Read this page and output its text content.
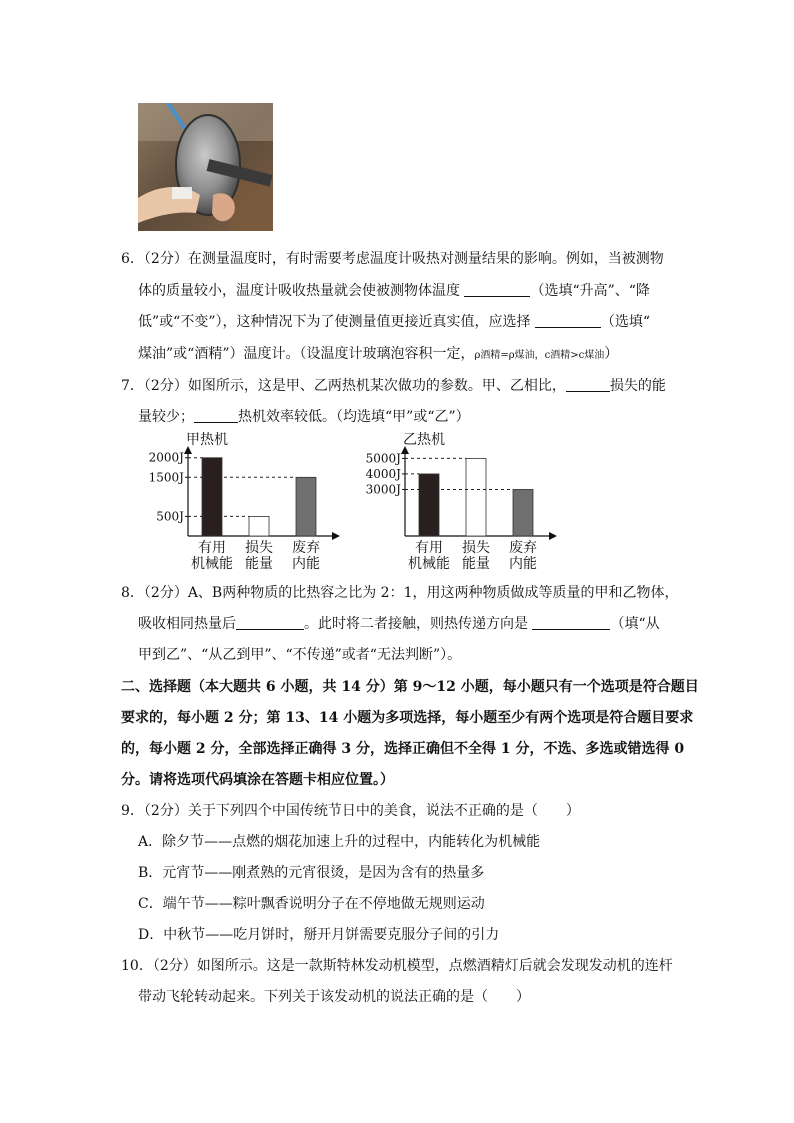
6．（2分）在测量温度时，有时需要考虑温度计吸热对测量结果的影响。例如，当被测物
体的质量较小，温度计吸收热量就会使被测物体温度	（选填“升高”、“降
低”或“不变”），这种情况下为了使测量值更接近真实值，应选择	（选填“
煤油”或“酒精”）温度计。（设温度计玻璃泡容积一定，ρ酒精=ρ煤油，c酒精>c煤油）
7．（2分）如图所示，这是甲、乙两热机某次做功的参数。甲、乙相比，	损失的能
量较少；	热机效率较低。（均选填“甲”或“乙”）
甲热机
有用
机械能
损失
能量
废弃
内能
2000J
1500J
500J
乙热机
有用
机械能
损失
能量
废弃
内能
5000J
4000J
3000J
8．（2分）A、B两种物质的比热容之比为 2：1，用这两种物质做成等质量的甲和乙物体，
吸收相同热量后	。此时将二者接触，则热传递方向是	（填“从
甲到乙”、“从乙到甲”、“不传递”或者“无法判断”）。
二、选择题（本大题共 6 小题，共 14 分）第 9～12 小题，每小题只有一个选项是符合题目
要求的，每小题 2 分；第 13、14 小题为多项选择，每小题至少有两个选项是符合题目要求
的，每小题 2 分，全部选择正确得 3 分，选择正确但不全得 1 分，不选、多选或错选得 0
分。请将选项代码填涂在答题卡相应位置。）
9．（2分）关于下列四个中国传统节日中的美食，说法不正确的是（　　）
A．除夕节——点燃的烟花加速上升的过程中，内能转化为机械能
B．元宵节——刚煮熟的元宵很烫，是因为含有的热量多
C．端午节——粽叶飘香说明分子在不停地做无规则运动
D．中秋节——吃月饼时，掰开月饼需要克服分子间的引力
10．（2分）如图所示。这是一款斯特林发动机模型，点燃酒精灯后就会发现发动机的连杆
带动飞轮转动起来。下列关于该发动机的说法正确的是（　　）
